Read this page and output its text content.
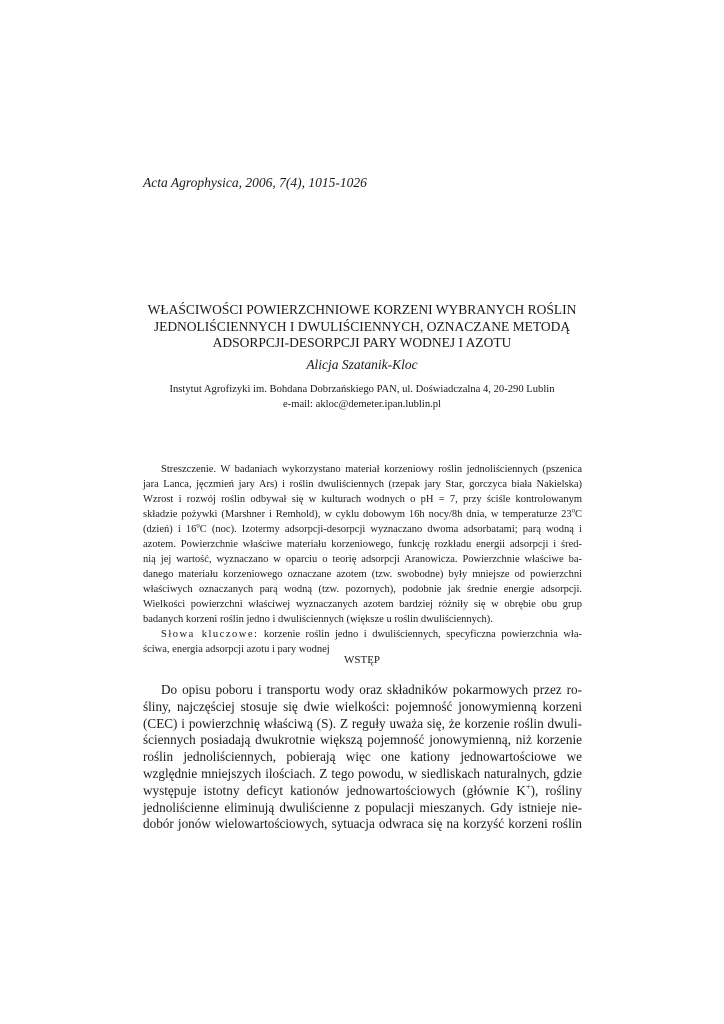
Acta Agrophysica, 2006, 7(4), 1015-1026
WŁAŚCIWOŚCI POWIERZCHNIOWE KORZENI WYBRANYCH ROŚLIN
JEDNOLIŚCIENNYCH I DWULIŚCIENNYCH, OZNACZANE METODĄ
ADSORPCJI-DESORPCJI PARY WODNEJ I AZOTU
Alicja Szatanik-Kloc
Instytut Agrofizyki im. Bohdana Dobrzańskiego PAN, ul. Doświadczalna 4, 20-290 Lublin
e-mail: akloc@demeter.ipan.lublin.pl
Streszczenie. W badaniach wykorzystano materiał korzeniowy roślin jednoliściennych (pszenica
jara Lanca, jęczmień jary Ars) i roślin dwuliściennych (rzepak jary Star, gorczyca biała Nakielska)
Wzrost i rozwój roślin odbywał się w kulturach wodnych o pH = 7, przy ściśle kontrolowanym
składzie pożywki (Marshner i Remhold), w cyklu dobowym 16h nocy/8h dnia, w temperaturze 23$^o$C
(dzień) i 16$^o$C (noc). Izotermy adsorpcji-desorpcji wyznaczano dwoma adsorbatami; parą wodną i
azotem. Powierzchnie właściwe materiału korzeniowego, funkcję rozkładu energii adsorpcji i śred-
nią jej wartość, wyznaczano w oparciu o teorię adsorpcji Aranowicza. Powierzchnie właściwe ba-
danego materiału korzeniowego oznaczane azotem (tzw. swobodne) były mniejsze od powierzchni
właściwych oznaczanych parą wodną (tzw. pozornych), podobnie jak średnie energie adsorpcji.
Wielkości powierzchni właściwej wyznaczanych azotem bardziej różniły się w obrębie obu grup
badanych korzeni roślin jedno i dwuliściennych (większe u roślin dwuliściennych).
Słowa kluczowe: korzenie roślin jedno i dwuliściennych, specyficzna powierzchnia wła-
ściwa, energia adsorpcji azotu i pary wodnej
WSTĘP
Do opisu poboru i transportu wody oraz składników pokarmowych przez ro-
śliny, najczęściej stosuje się dwie wielkości: pojemność jonowymienną korzeni
(CEC) i powierzchnię właściwą (S). Z reguły uważa się, że korzenie roślin dwuli-
ściennych posiadają dwukrotnie większą pojemność jonowymienną, niż korzenie
roślin jednoliściennych, pobierają więc one kationy jednowartościowe we
względnie mniejszych ilościach. Z tego powodu, w siedliskach naturalnych, gdzie
występuje istotny deficyt kationów jednowartościowych (głównie K+), rośliny
jednoliścienne eliminują dwuliścienne z populacji mieszanych. Gdy istnieje nie-
dobór jonów wielowartościowych, sytuacja odwraca się na korzyść korzeni roślin
